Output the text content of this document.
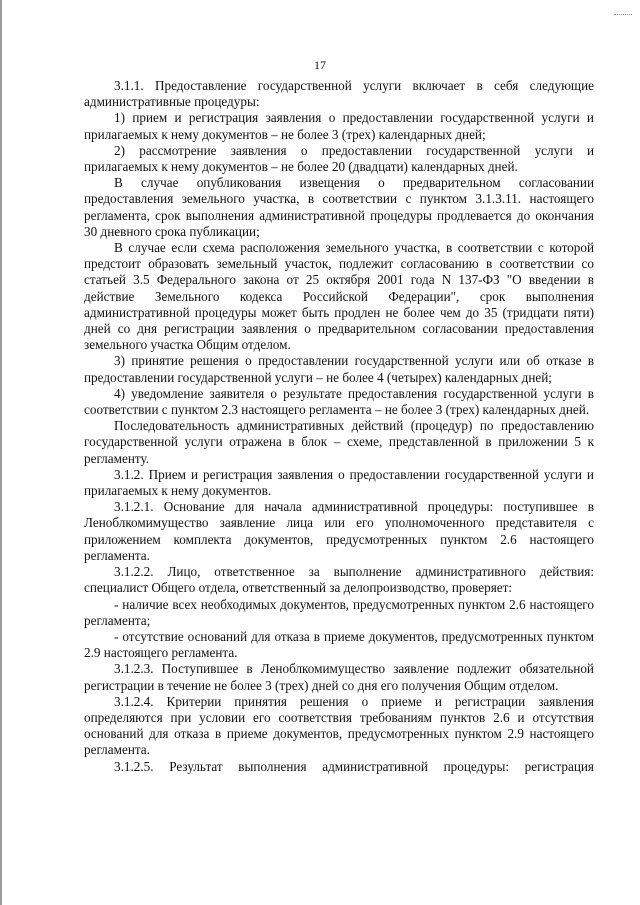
17

3.1.1. Предоставление государственной услуги включает в себя следующие административные процедуры:

1) прием и регистрация заявления о предоставлении государственной услуги и прилагаемых к нему документов – не более 3 (трех) календарных дней;

2) рассмотрение заявления о предоставлении государственной услуги и прилагаемых к нему документов – не более 20 (двадцати) календарных дней.

В случае опубликования извещения о предварительном согласовании предоставления земельного участка, в соответствии с пунктом 3.1.3.11. настоящего регламента, срок выполнения административной процедуры продлевается до окончания 30 дневного срока публикации;

В случае если схема расположения земельного участка, в соответствии с которой предстоит образовать земельный участок, подлежит согласованию в соответствии со статьей 3.5 Федерального закона от 25 октября 2001 года N 137-ФЗ "О введении в действие Земельного кодекса Российской Федерации", срок выполнения административной процедуры может быть продлен не более чем до 35 (тридцати пяти) дней со дня регистрации заявления о предварительном согласовании предоставления земельного участка Общим отделом.

3) принятие решения о предоставлении государственной услуги или об отказе в предоставлении государственной услуги – не более 4 (четырех) календарных дней;

4) уведомление заявителя о результате предоставления государственной услуги в соответствии с пунктом 2.3 настоящего регламента – не более 3 (трех) календарных дней.

Последовательность административных действий (процедур) по предоставлению государственной услуги отражена в блок – схеме, представленной в приложении 5 к регламенту.

3.1.2. Прием и регистрация заявления о предоставлении государственной услуги и прилагаемых к нему документов.

3.1.2.1. Основание для начала административной процедуры: поступившее в Леноблкомимущество заявление лица или его уполномоченного представителя с приложением комплекта документов, предусмотренных пунктом 2.6 настоящего регламента.

3.1.2.2. Лицо, ответственное за выполнение административного действия: специалист Общего отдела, ответственный за делопроизводство, проверяет:

- наличие всех необходимых документов, предусмотренных пунктом 2.6 настоящего регламента;

- отсутствие оснований для отказа в приеме документов, предусмотренных пунктом 2.9 настоящего регламента.

3.1.2.3. Поступившее в Леноблкомимущество заявление подлежит обязательной регистрации в течение не более 3 (трех) дней со дня его получения Общим отделом.

3.1.2.4. Критерии принятия решения о приеме и регистрации заявления определяются при условии его соответствия требованиям пунктов 2.6 и отсутствия оснований для отказа в приеме документов, предусмотренных пунктом 2.9 настоящего регламента.

3.1.2.5. Результат выполнения административной процедуры: регистрация
